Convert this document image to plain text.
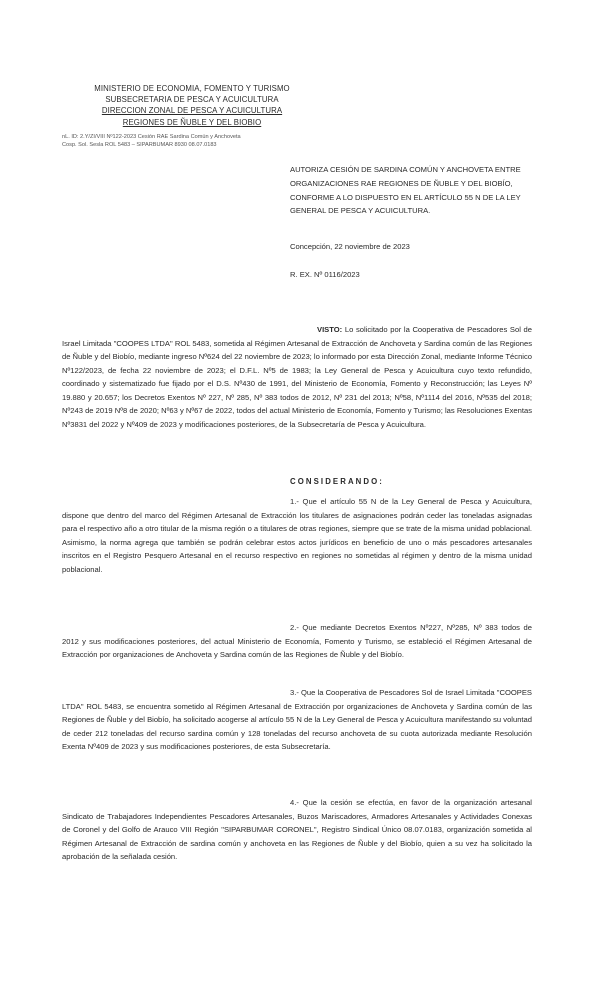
MINISTERIO DE ECONOMIA, FOMENTO Y TURISMO
SUBSECRETARIA DE PESCA Y ACUICULTURA
DIRECCION ZONAL DE PESCA Y ACUICULTURA
REGIONES DE ÑUBLE Y DEL BIOBIO
nL. ID: 2.Y/ZI/VIII Nº122-2023 Cesión RAE Sardina Común y Anchoveta
Cosp. Sol. Sesla ROL 5483 – SIPARBUMAR 8930 08.07.0183
AUTORIZA CESIÓN DE SARDINA COMÚN Y ANCHOVETA ENTRE ORGANIZACIONES RAE REGIONES DE ÑUBLE Y DEL BIOBÍO, CONFORME A LO DISPUESTO EN EL ARTÍCULO 55 N DE LA LEY GENERAL DE PESCA Y ACUICULTURA.
Concepción, 22 noviembre de 2023
R. EX. Nº 0116/2023

VISTO: Lo solicitado por la Cooperativa de Pescadores Sol de Israel Limitada "COOPES LTDA" ROL 5483, sometida al Régimen Artesanal de Extracción de Anchoveta y Sardina común de las Regiones de Ñuble y del Biobío, mediante ingreso Nº624 del 22 noviembre de 2023; lo informado por esta Dirección Zonal, mediante Informe Técnico Nº122/2023, de fecha 22 noviembre de 2023; el D.F.L. Nº5 de 1983; la Ley General de Pesca y Acuicultura cuyo texto refundido, coordinado y sistematizado fue fijado por el D.S. Nº430 de 1991, del Ministerio de Economía, Fomento y Reconstrucción; las Leyes Nº 19.880 y 20.657; los Decretos Exentos Nº 227, Nº 285, Nº 383 todos de 2012, Nº 231 del 2013; Nº58, Nº1114 del 2016, Nº535 del 2018; Nº243 de 2019 Nº8 de 2020; Nº63 y Nº67 de 2022, todos del actual Ministerio de Economía, Fomento y Turismo; las Resoluciones Exentas Nº3831 del 2022 y Nº409 de 2023 y modificaciones posteriores, de la Subsecretaría de Pesca y Acuicultura.

CONSIDERANDO:

1.- Que el artículo 55 N de la Ley General de Pesca y Acuicultura, dispone que dentro del marco del Régimen Artesanal de Extracción los titulares de asignaciones podrán ceder las toneladas asignadas para el respectivo año a otro titular de la misma región o a titulares de otras regiones, siempre que se trate de la misma unidad poblacional. Asimismo, la norma agrega que también se podrán celebrar estos actos jurídicos en beneficio de uno o más pescadores artesanales inscritos en el Registro Pesquero Artesanal en el recurso respectivo en regiones no sometidas al régimen y dentro de la misma unidad poblacional.

2.- Que mediante Decretos Exentos Nº227, Nº285, Nº 383 todos de 2012 y sus modificaciones posteriores, del actual Ministerio de Economía, Fomento y Turismo, se estableció el Régimen Artesanal de Extracción por organizaciones de Anchoveta y Sardina común de las Regiones de Ñuble y del Biobío.

3.- Que la Cooperativa de Pescadores Sol de Israel Limitada "COOPES LTDA" ROL 5483, se encuentra sometido al Régimen Artesanal de Extracción por organizaciones de Anchoveta y Sardina común de las Regiones de Ñuble y del Biobío, ha solicitado acogerse al artículo 55 N de la Ley General de Pesca y Acuicultura manifestando su voluntad de ceder 212 toneladas del recurso sardina común y 128 toneladas del recurso anchoveta de su cuota autorizada mediante Resolución Exenta Nº409 de 2023 y sus modificaciones posteriores, de esta Subsecretaría.

4.- Que la cesión se efectúa, en favor de la organización artesanal Sindicato de Trabajadores Independientes Pescadores Artesanales, Buzos Mariscadores, Armadores Artesanales y Actividades Conexas de Coronel y del Golfo de Arauco VIII Región "SIPARBUMAR CORONEL", Registro Sindical Único 08.07.0183, organización sometida al Régimen Artesanal de Extracción de sardina común y anchoveta en las Regiones de Ñuble y del Biobío, quien a su vez ha solicitado la aprobación de la señalada cesión.
